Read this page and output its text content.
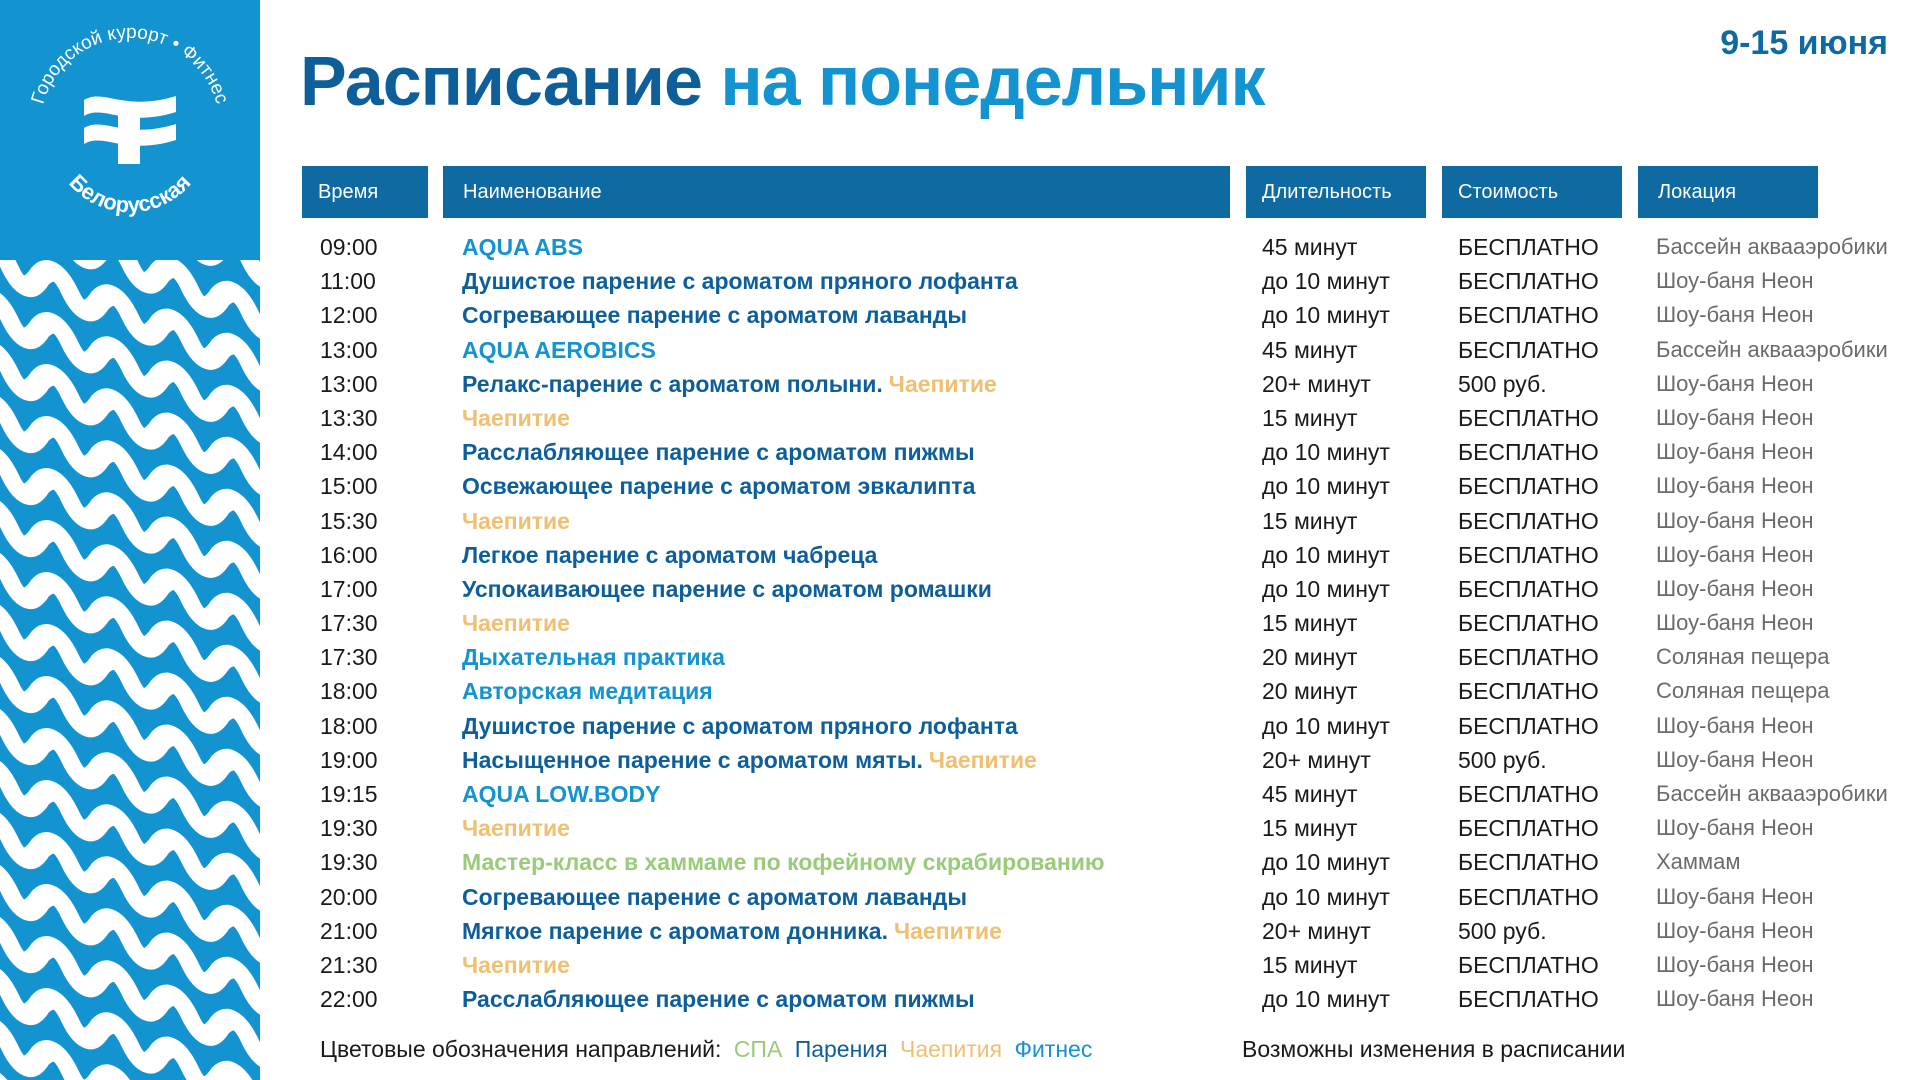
Городской курорт • Фитнес
Белорусская
9-15 июня
Расписание на понедельник
Время	Наименование	Длительность	Стоимость	Локация
09:00	AQUA ABS	45 минут	БЕСПЛАТНО	Бассейн аквааэробики
11:00	Душистое парение с ароматом пряного лофанта	до 10 минут	БЕСПЛАТНО	Шоу-баня Неон
12:00	Согревающее парение с ароматом лаванды	до 10 минут	БЕСПЛАТНО	Шоу-баня Неон
13:00	AQUA AEROBICS	45 минут	БЕСПЛАТНО	Бассейн аквааэробики
13:00	Релакс-парение с ароматом полыни. Чаепитие	20+ минут	500 руб.	Шоу-баня Неон
13:30	Чаепитие	15 минут	БЕСПЛАТНО	Шоу-баня Неон
14:00	Расслабляющее парение с ароматом пижмы	до 10 минут	БЕСПЛАТНО	Шоу-баня Неон
15:00	Освежающее парение с ароматом эвкалипта	до 10 минут	БЕСПЛАТНО	Шоу-баня Неон
15:30	Чаепитие	15 минут	БЕСПЛАТНО	Шоу-баня Неон
16:00	Легкое парение с ароматом чабреца	до 10 минут	БЕСПЛАТНО	Шоу-баня Неон
17:00	Успокаивающее парение с ароматом ромашки	до 10 минут	БЕСПЛАТНО	Шоу-баня Неон
17:30	Чаепитие	15 минут	БЕСПЛАТНО	Шоу-баня Неон
17:30	Дыхательная практика	20 минут	БЕСПЛАТНО	Соляная пещера
18:00	Авторская медитация	20 минут	БЕСПЛАТНО	Соляная пещера
18:00	Душистое парение с ароматом пряного лофанта	до 10 минут	БЕСПЛАТНО	Шоу-баня Неон
19:00	Насыщенное парение с ароматом мяты. Чаепитие	20+ минут	500 руб.	Шоу-баня Неон
19:15	AQUA LOW.BODY	45 минут	БЕСПЛАТНО	Бассейн аквааэробики
19:30	Чаепитие	15 минут	БЕСПЛАТНО	Шоу-баня Неон
19:30	Мастер-класс в хаммаме по кофейному скрабированию	до 10 минут	БЕСПЛАТНО	Хаммам
20:00	Согревающее парение с ароматом лаванды	до 10 минут	БЕСПЛАТНО	Шоу-баня Неон
21:00	Мягкое парение с ароматом донника. Чаепитие	20+ минут	500 руб.	Шоу-баня Неон
21:30	Чаепитие	15 минут	БЕСПЛАТНО	Шоу-баня Неон
22:00	Расслабляющее парение с ароматом пижмы	до 10 минут	БЕСПЛАТНО	Шоу-баня Неон
Цветовые обозначения направлений: СПА Парения Чаепития Фитнес	Возможны изменения в расписании
